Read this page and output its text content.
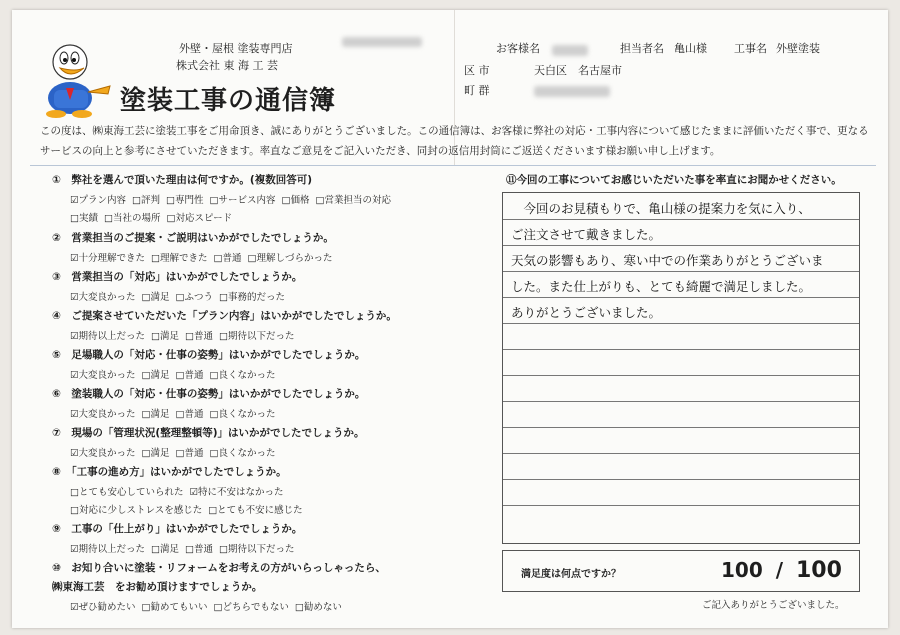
外壁・屋根 塗装専門店
株式会社 東 海 工 芸
塗装工事の通信簿
お客様名	担当者名 亀山様 工事名 外壁塗装
区 市	天白区　名古屋市
町 群
この度は、㈱東海工芸に塗装工事をご用命頂き、誠にありがとうございました。この通信簿は、お客様に弊社の対応・工事内容について感じたままに評価いただく事で、更なるサービスの向上と参考にさせていただきます。率直なご意見をご記入いただき、同封の返信用封筒にご返送くださいます様お願い申し上げます。
①　弊社を選んで頂いた理由は何ですか。(複数回答可)
☑プラン内容 □評判 □専門性 □サービス内容 □価格 □営業担当の対応
□実績 □当社の場所 □対応スピード
②　営業担当のご提案・ご説明はいかがでしたでしょうか。
☑十分理解できた □理解できた □普通 □理解しづらかった
③　営業担当の「対応」はいかがでしたでしょうか。
☑大変良かった □満足 □ふつう □事務的だった
④　ご提案させていただいた「プラン内容」はいかがでしたでしょうか。
☑期待以上だった □満足 □普通 □期待以下だった
⑤　足場職人の「対応・仕事の姿勢」はいかがでしたでしょうか。
☑大変良かった □満足 □普通 □良くなかった
⑥　塗装職人の「対応・仕事の姿勢」はいかがでしたでしょうか。
☑大変良かった □満足 □普通 □良くなかった
⑦　現場の「管理状況(整理整頓等)」はいかがでしたでしょうか。
☑大変良かった □満足 □普通 □良くなかった
⑧　「工事の進め方」はいかがでしたでしょうか。
□とても安心していられた ☑特に不安はなかった
□対応に少しストレスを感じた □とても不安に感じた
⑨　工事の「仕上がり」はいかがでしたでしょうか。
☑期待以上だった □満足 □普通 □期待以下だった
⑩　お知り合いに塗装・リフォームをお考えの方がいらっしゃったら、
㈱東海工芸　をお勧め頂けますでしょうか。
☑ぜひ勧めたい □勧めてもいい □どちらでもない □勧めない
⑪今回の工事についてお感じいただいた事を率直にお聞かせください。
　今回のお見積もりで、亀山様の提案力を気に入り、
ご注文させて戴きました。
天気の影響もあり、寒い中での作業ありがとうございま
した。また仕上がりも、とても綺麗で満足しました。
ありがとうございました。
満足度は何点ですか？	100 / 100
ご記入ありがとうございました。
